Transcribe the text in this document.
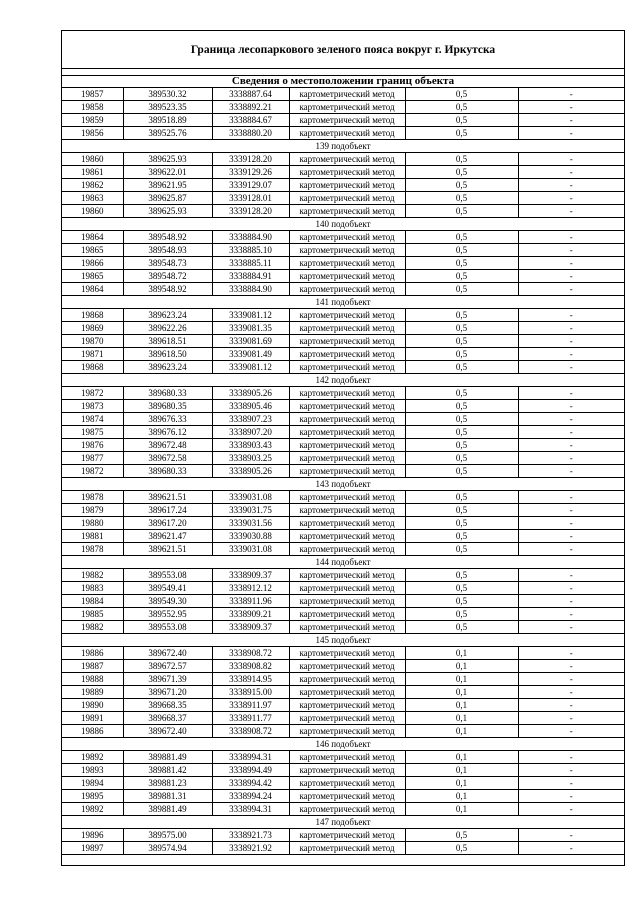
Граница лесопаркового зеленого пояса вокруг г. Иркутска
Сведения о местоположении границ объекта
19857	389530.32	3338887.64	картометрический метод	0,5	-
19858	389523.35	3338892.21	картометрический метод	0,5	-
19859	389518.89	3338884.67	картометрический метод	0,5	-
19856	389525.76	3338880.20	картометрический метод	0,5	-
139 подобъект					
19860	389625.93	3339128.20	картометрический метод	0,5	-
19861	389622.01	3339129.26	картометрический метод	0,5	-
19862	389621.95	3339129.07	картометрический метод	0,5	-
19863	389625.87	3339128.01	картометрический метод	0,5	-
19860	389625.93	3339128.20	картометрический метод	0,5	-
140 подобъект					
19864	389548.92	3338884.90	картометрический метод	0,5	-
19865	389548.93	3338885.10	картометрический метод	0,5	-
19866	389548.73	3338885.11	картометрический метод	0,5	-
19865	389548.72	3338884.91	картометрический метод	0,5	-
19864	389548.92	3338884.90	картометрический метод	0,5	-
141 подобъект					
19868	389623.24	3339081.12	картометрический метод	0,5	-
19869	389622.26	3339081.35	картометрический метод	0,5	-
19870	389618.51	3339081.69	картометрический метод	0,5	-
19871	389618.50	3339081.49	картометрический метод	0,5	-
19868	389623.24	3339081.12	картометрический метод	0,5	-
142 подобъект					
19872	389680.33	3338905.26	картометрический метод	0,5	-
19873	389680.35	3338905.46	картометрический метод	0,5	-
19874	389676.33	3338907.23	картометрический метод	0,5	-
19875	389676.12	3338907.20	картометрический метод	0,5	-
19876	389672.48	3338903.43	картометрический метод	0,5	-
19877	389672.58	3338903.25	картометрический метод	0,5	-
19872	389680.33	3338905.26	картометрический метод	0,5	-
143 подобъект					
19878	389621.51	3339031.08	картометрический метод	0,5	-
19879	389617.24	3339031.75	картометрический метод	0,5	-
19880	389617.20	3339031.56	картометрический метод	0,5	-
19881	389621.47	3339030.88	картометрический метод	0,5	-
19878	389621.51	3339031.08	картометрический метод	0,5	-
144 подобъект					
19882	389553.08	3338909.37	картометрический метод	0,5	-
19883	389549.41	3338912.12	картометрический метод	0,5	-
19884	389549.30	3338911.96	картометрический метод	0,5	-
19885	389552.95	3338909.21	картометрический метод	0,5	-
19882	389553.08	3338909.37	картометрический метод	0,5	-
145 подобъект					
19886	389672.40	3338908.72	картометрический метод	0,1	-
19887	389672.57	3338908.82	картометрический метод	0,1	-
19888	389671.39	3338914.95	картометрический метод	0,1	-
19889	389671.20	3338915.00	картометрический метод	0,1	-
19890	389668.35	3338911.97	картометрический метод	0,1	-
19891	389668.37	3338911.77	картометрический метод	0,1	-
19886	389672.40	3338908.72	картометрический метод	0,1	-
146 подобъект					
19892	389881.49	3338994.31	картометрический метод	0,1	-
19893	389881.42	3338994.49	картометрический метод	0,1	-
19894	389881.23	3338994.42	картометрический метод	0,1	-
19895	389881.31	3338994.24	картометрический метод	0,1	-
19892	389881.49	3338994.31	картометрический метод	0,1	-
147 подобъект					
19896	389575.00	3338921.73	картометрический метод	0,5	-
19897	389574.94	3338921.92	картометрический метод	0,5	-
